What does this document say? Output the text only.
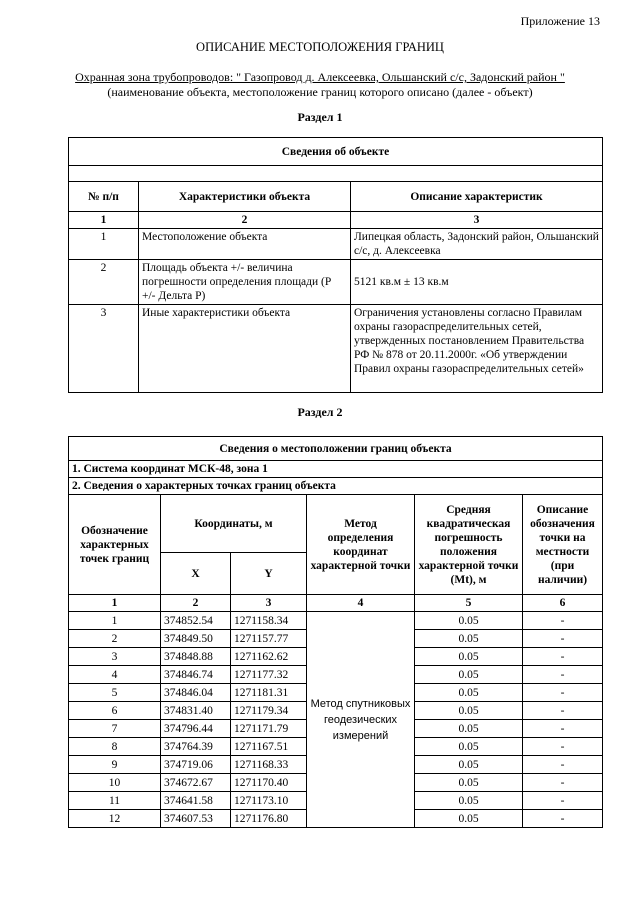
Приложение 13
ОПИСАНИЕ МЕСТОПОЛОЖЕНИЯ ГРАНИЦ
Охранная зона трубопроводов: " Газопровод д. Алексеевка, Ольшанский с/с, Задонский район "
(наименование объекта, местоположение границ которого описано (далее - объект)
Раздел 1
Сведения об объекте		

№ п/п	Характеристики объекта	Описание характеристик
1	2	3
1	Местоположение объекта	Липецкая область, Задонский район, Ольшанский с/с, д. Алексеевка
2	Площадь объекта +/- величина погрешности определения площади (Р +/- Дельта Р)	5121 кв.м ± 13 кв.м
3	Иные характеристики объекта	Ограничения установлены согласно Правилам охраны газораспределительных сетей, утвержденных постановлением Правительства РФ № 878 от 20.11.2000г. «Об утверждении Правил охраны газораспределительных сетей»
Раздел 2
Сведения о местоположении границ объекта					
1. Система координат МСК-48, зона 1					
2. Сведения о характерных точках границ объекта					
Обозначение характерных точек границ	Координаты, м		Метод определения координат характерной точки	Средняя квадратическая погрешность положения характерной точки (Mt), м	Описание обозначения точки на местности (при наличии)
	X	Y			
1	2	3	4	5	6
1	374852.54	1271158.34	Метод спутниковых геодезических измерений	0.05	-
2	374849.50	1271157.77		0.05	-
3	374848.88	1271162.62		0.05	-
4	374846.74	1271177.32		0.05	-
5	374846.04	1271181.31		0.05	-
6	374831.40	1271179.34		0.05	-
7	374796.44	1271171.79		0.05	-
8	374764.39	1271167.51		0.05	-
9	374719.06	1271168.33		0.05	-
10	374672.67	1271170.40		0.05	-
11	374641.58	1271173.10		0.05	-
12	374607.53	1271176.80		0.05	-
